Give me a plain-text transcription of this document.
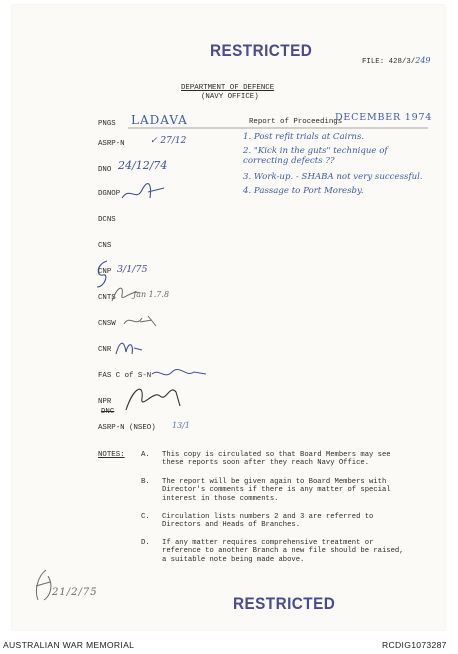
RESTRICTED
FILE: 428/3/249
DEPARTMENT OF DEFENCE
(NAVY OFFICE)
PNGS LADAVA	Report of Proceedings
DECEMBER 1974
1. Post refit trials at Cairns.
2. "Kick in the guts" technique of correcting defects ??
3. Work-up. - SHABA not very successful.
4. Passage to Port Moresby.
ASRP-N	✓ 27/12
DNO 24/12/74
DGNOP
DCNS
CNS
CNP 3/1/75
CNTS Jan 1.7.8
CNSW
CNR
FAS C of S-N
NPR
DNC
ASRP-N (NSEO) 13/1
NOTES: A. This copy is circulated so that Board Members may see
these reports soon after they reach Navy Office.
B. The report will be given again to Board Members with
Director's comments if there is any matter of special
interest in those comments.
C. Circulation lists numbers 2 and 3 are referred to
Directors and Heads of Branches.
D. If any matter requires comprehensive treatment or
reference to another Branch a new file should be raised,
a suitable note being made above.
21/2/75
RESTRICTED
AUSTRALIAN WAR MEMORIAL	RCDIG1073287
